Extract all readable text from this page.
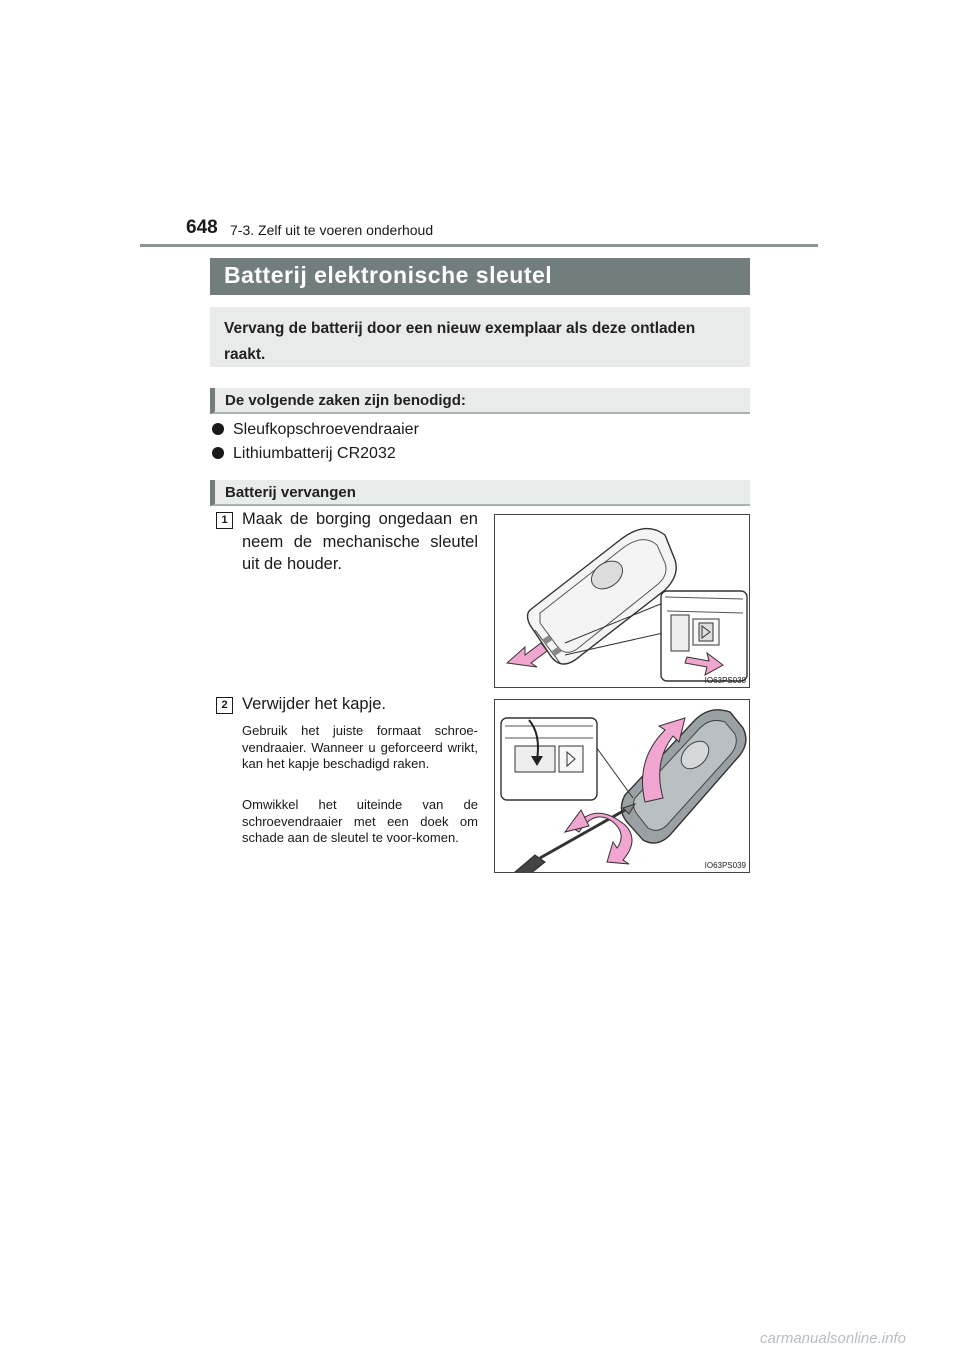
648 7-3. Zelf uit te voeren onderhoud
Batterij elektronische sleutel
Vervang de batterij door een nieuw exemplaar als deze ontladen raakt.
De volgende zaken zijn benodigd:
Sleufkopschroevendraaier
Lithiumbatterij CR2032
Batterij vervangen
1 Maak de borging ongedaan en neem de mechanische sleutel uit de houder.
IO63PS038
2 Verwijder het kapje.
Gebruik het juiste formaat schroe-vendraaier. Wanneer u geforceerd wrikt, kan het kapje beschadigd raken.
Omwikkel het uiteinde van de schroevendraaier met een doek om schade aan de sleutel te voor-komen.
IO63PS039
carmanualsonline.info
